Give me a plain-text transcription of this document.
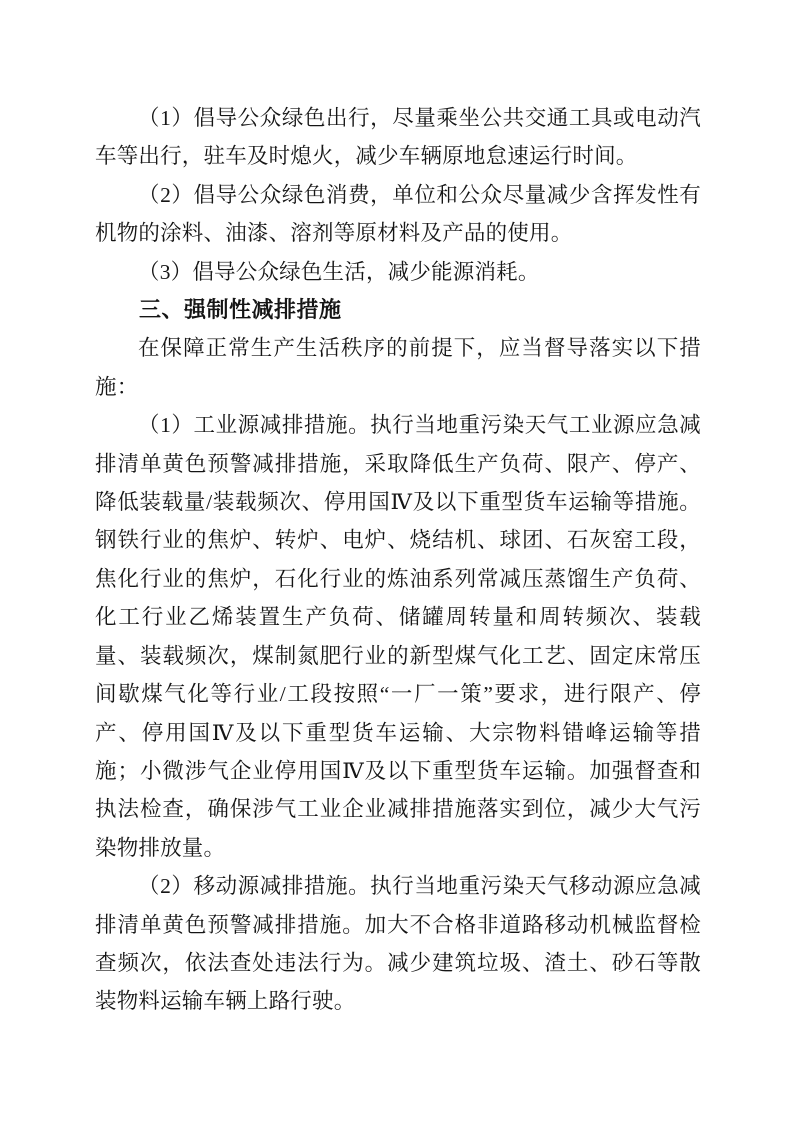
（1）倡导公众绿色出行，尽量乘坐公共交通工具或电动汽车等出行，驻车及时熄火，减少车辆原地怠速运行时间。

（2）倡导公众绿色消费，单位和公众尽量减少含挥发性有机物的涂料、油漆、溶剂等原材料及产品的使用。

（3）倡导公众绿色生活，减少能源消耗。

三、强制性减排措施

在保障正常生产生活秩序的前提下，应当督导落实以下措施：

（1）工业源减排措施。执行当地重污染天气工业源应急减排清单黄色预警减排措施，采取降低生产负荷、限产、停产、降低装载量/装载频次、停用国Ⅳ及以下重型货车运输等措施。钢铁行业的焦炉、转炉、电炉、烧结机、球团、石灰窑工段，焦化行业的焦炉，石化行业的炼油系列常减压蒸馏生产负荷、化工行业乙烯装置生产负荷、储罐周转量和周转频次、装载量、装载频次，煤制氮肥行业的新型煤气化工艺、固定床常压间歇煤气化等行业/工段按照“一厂一策”要求，进行限产、停产、停用国Ⅳ及以下重型货车运输、大宗物料错峰运输等措施；小微涉气企业停用国Ⅳ及以下重型货车运输。加强督查和执法检查，确保涉气工业企业减排措施落实到位，减少大气污染物排放量。

（2）移动源减排措施。执行当地重污染天气移动源应急减排清单黄色预警减排措施。加大不合格非道路移动机械监督检查频次，依法查处违法行为。减少建筑垃圾、渣土、砂石等散装物料运输车辆上路行驶。
